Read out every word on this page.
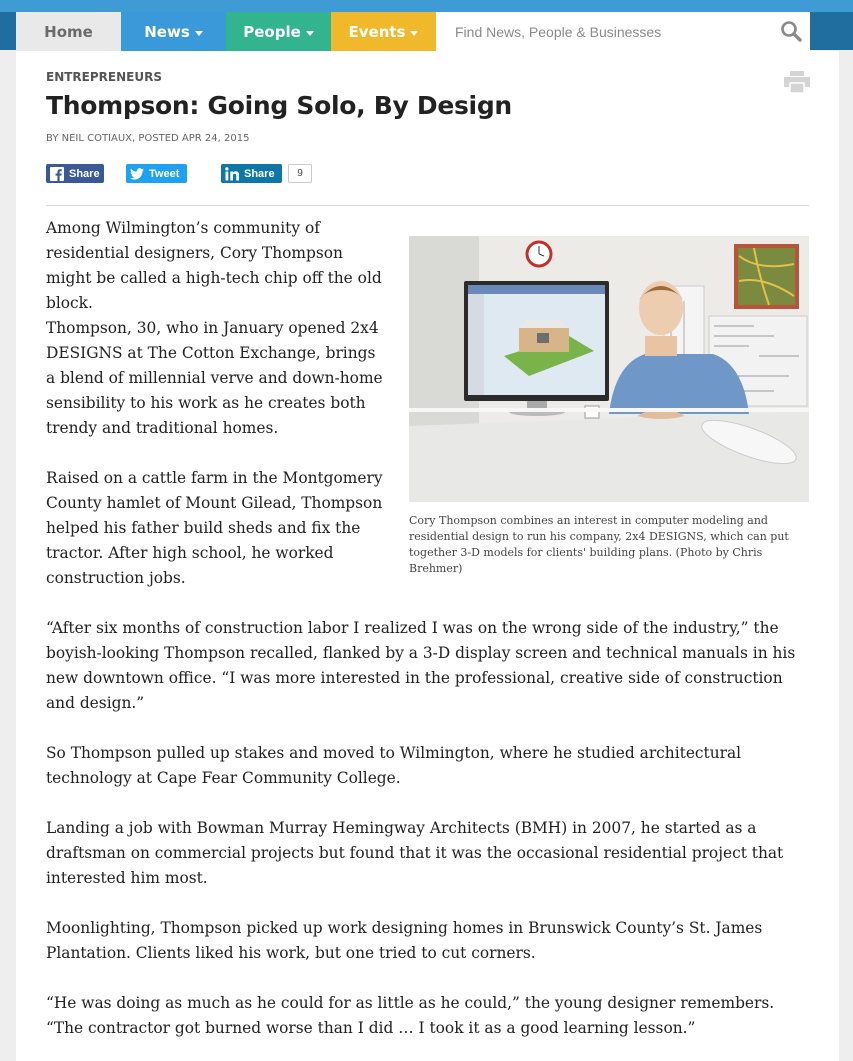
Home	News	People	Events
Find News, People & Businesses
ENTREPRENEURS
Thompson: Going Solo, By Design
BY NEIL COTIAUX, POSTED APR 24, 2015
Share	Tweet	Share	9

Among Wilmington’s community of residential designers, Cory Thompson might be called a high-tech chip off the old block.

Thompson, 30, who in January opened 2x4 DESIGNS at The Cotton Exchange, brings a blend of millennial verve and down-home sensibility to his work as he creates both trendy and traditional homes.

Raised on a cattle farm in the Montgomery County hamlet of Mount Gilead, Thompson helped his father build sheds and fix the tractor. After high school, he worked construction jobs.

Cory Thompson combines an interest in computer modeling and residential design to run his company, 2x4 DESIGNS, which can put together 3-D models for clients' building plans. (Photo by Chris Brehmer)

“After six months of construction labor I realized I was on the wrong side of the industry,” the boyish-looking Thompson recalled, flanked by a 3-D display screen and technical manuals in his new downtown office. “I was more interested in the professional, creative side of construction and design.”

So Thompson pulled up stakes and moved to Wilmington, where he studied architectural technology at Cape Fear Community College.

Landing a job with Bowman Murray Hemingway Architects (BMH) in 2007, he started as a draftsman on commercial projects but found that it was the occasional residential project that interested him most.

Moonlighting, Thompson picked up work designing homes in Brunswick County’s St. James Plantation. Clients liked his work, but one tried to cut corners.

“He was doing as much as he could for as little as he could,” the young designer remembers. “The contractor got burned worse than I did … I took it as a good learning lesson.”
